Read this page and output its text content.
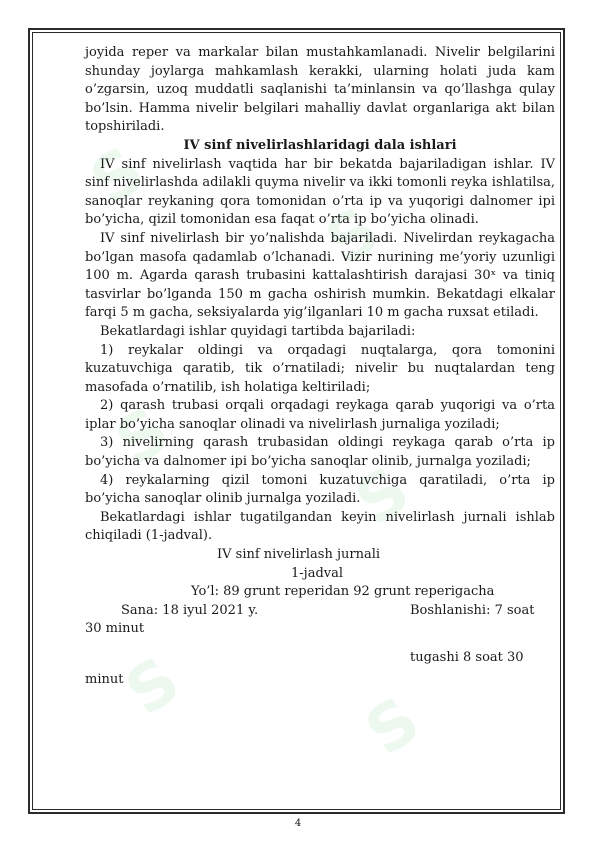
S
S
S
S
S S

joyida reper va markalar bilan mustahkamlanadi. Nivelir belgilarini shunday joylarga mahkamlash kerakki, ularning holati juda kam o’zgarsin, uzoq muddatli saqlanishi ta’minlansin va qo’llashga qulay bo’lsin. Hamma nivelir belgilari mahalliy davlat organlariga akt bilan topshiriladi.

IV sinf nivelirlashlaridagi dala ishlari

IV sinf nivelirlash vaqtida har bir bekatda bajariladigan ishlar. IV sinf nivelirlashda adilakli quyma nivelir va ikki tomonli reyka ishlatilsa, sanoqlar reykaning qora tomonidan o’rta ip va yuqorigi dalnomer ipi bo’yicha, qizil tomonidan esa faqat o’rta ip bo’yicha olinadi.

IV sinf nivelirlash bir yo’nalishda bajariladi. Nivelirdan reykagacha bo’lgan masofa qadamlab o’lchanadi. Vizir nurining me’yoriy uzunligi 100 m. Agarda qarash trubasini kattalashtirish darajasi 30ˣ va tiniq tasvirlar bo’lganda 150 m gacha oshirish mumkin. Bekatdagi elkalar farqi 5 m gacha, seksiyalarda yig’ilganlari 10 m gacha ruxsat etiladi.

Bekatlardagi ishlar quyidagi tartibda bajariladi:

1) reykalar oldingi va orqadagi nuqtalarga, qora tomonini kuzatuvchiga qaratib, tik o’rnatiladi; nivelir bu nuqtalardan teng masofada o’rnatilib, ish holatiga keltiriladi;

2) qarash trubasi orqali orqadagi reykaga qarab yuqorigi va o’rta iplar bo’yicha sanoqlar olinadi va nivelirlash jurnaliga yoziladi;

3) nivelirning qarash trubasidan oldingi reykaga qarab o’rta ip bo’yicha va dalnomer ipi bo’yicha sanoqlar olinib, jurnalga yoziladi;

4) reykalarning qizil tomoni kuzatuvchiga qaratiladi, o’rta ip bo’yicha sanoqlar olinib jurnalga yoziladi.

Bekatlardagi ishlar tugatilgandan keyin nivelirlash jurnali ishlab chiqiladi (1-jadval).

IV sinf nivelirlash jurnali

1-jadval

Yo’l: 89 grunt reperidan 92 grunt reperigacha

Sana: 18 iyul 2021 y.	Boshlanishi: 7 soat

30 minut

tugashi 8 soat 30

minut

4
